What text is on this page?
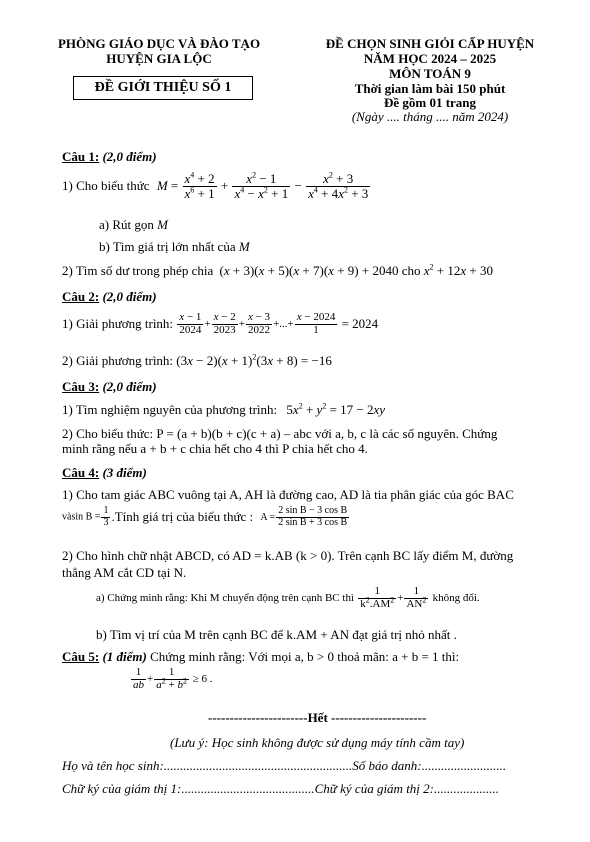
PHÒNG GIÁO DỤC VÀ ĐÀO TẠO
HUYỆN GIA LỘC
ĐỀ GIỚI THIỆU SỐ 1
ĐỀ CHỌN SINH GIỎI CẤP HUYỆN
NĂM HỌC 2024 – 2025
MÔN TOÁN 9
Thời gian làm bài 150 phút
Đề gồm 01 trang
(Ngày .... tháng .... năm 2024)
Câu 1: (2,0 điểm)
1) Cho biểu thức $M = \frac{x^4 + 2}{x^6 + 1} + \frac{x^2 - 1}{x^4 - x^2 + 1} - \frac{x^2 + 3}{x^4 + 4x^2 + 3}$
a) Rút gọn M
b) Tìm giá trị lớn nhất của M
2) Tìm số dư trong phép chia (x + 3)(x + 5)(x + 7)(x + 9) + 2040 cho $x^2 + 12x + 30$
Câu 2: (2,0 điểm)
1) Giải phương trình: $\frac{x - 1}{2024} + \frac{x - 2}{2023} + \frac{x - 3}{2022}$ +...+ $\frac{x - 2024}{1} = 2024$
2) Giải phương trình: $(3x - 2)(x + 1)^2(3x + 8) = -16$
Câu 3: (2,0 điểm)
1) Tìm nghiệm nguyên của phương trình: $5x^2 + y^2 = 17 - 2xy$
2) Cho biểu thức: P = (a + b)(b + c)(c + a) – abc với a, b, c là các số nguyên. Chứng
minh rằng nếu a + b + c chia hết cho 4 thì P chia hết cho 4.
Câu 4: (3 điểm)
1) Cho tam giác ABC vuông tại A, AH là đường cao, AD là tia phân giác của góc BAC
vàsin $B = \frac{1}{3}$ .Tính giá trị của biểu thức : $A = \frac{\text{2 sin B − 3 cos B}}{\text{2 sin B + 3 cos B}}$
2) Cho hình chữ nhật ABCD, có AD = k.AB (k > 0). Trên cạnh BC lấy điểm M, đường
thẳng AM cắt CD tại N.
a) Chứng minh rằng: Khi M chuyển động trên cạnh BC thì $\frac{1}{k^2.AM^2} + \frac{1}{AN^2}$ không đổi.
b) Tìm vị trí của M trên cạnh BC để k.AM + AN đạt giá trị nhỏ nhất .
Câu 5: (1 điểm) Chứng minh rằng: Với mọi a, b > 0 thoả mãn: a + b = 1 thì:
$\frac{1}{ab} + \frac{1}{a^2 + b^2} \ge 6$ .
-----------------------Hết ----------------------
(Lưu ý: Học sinh không được sử dụng máy tính cầm tay)
Họ và tên học sinh:..........................................................Số báo danh:..........................
Chữ ký của giám thị 1:.........................................Chữ ký của giám thị 2:....................
